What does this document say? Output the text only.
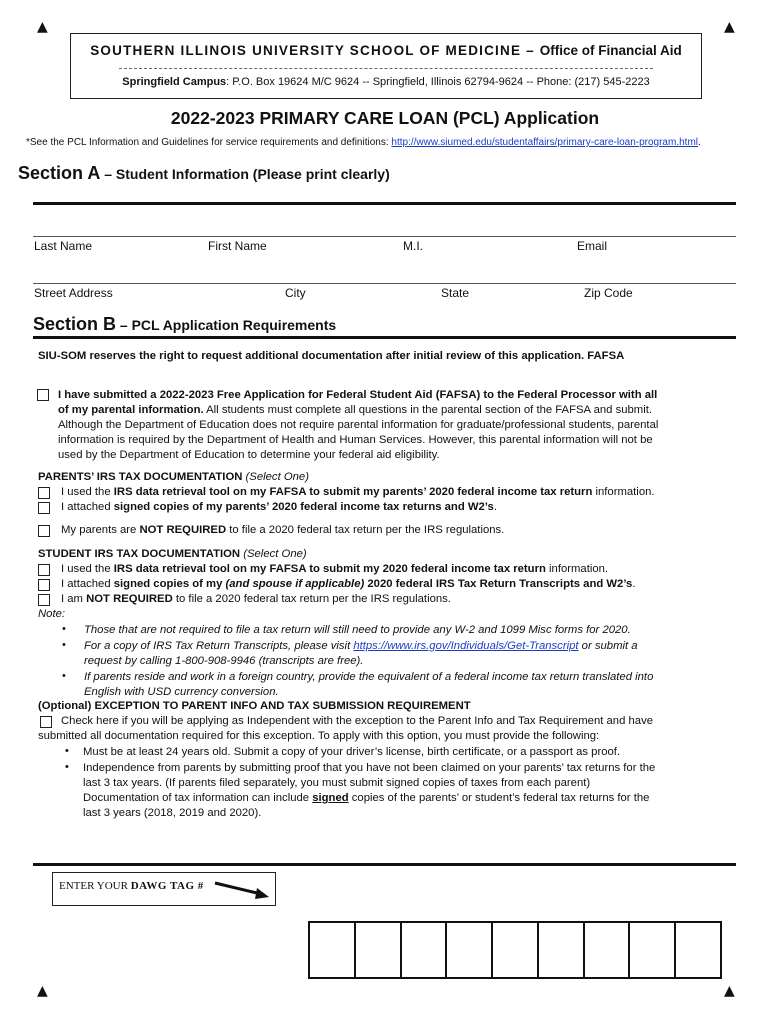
▲	▲
▲	▲
SOUTHERN ILLINOIS UNIVERSITY SCHOOL OF MEDICINE – Office of Financial Aid
Springfield Campus: P.O. Box 19624 M/C 9624 -- Springfield, Illinois 62794-9624 -- Phone: (217) 545-2223
2022-2023 PRIMARY CARE LOAN (PCL) Application
*See the PCL Information and Guidelines for service requirements and definitions: http://www.siumed.edu/studentaffairs/primary-care-loan-program.html.
Section A – Student Information (Please print clearly)
Last Name	First Name	M.I.	Email
Street Address	City	State	Zip Code
Section B – PCL Application Requirements
SIU-SOM reserves the right to request additional documentation after initial review of this application. FAFSA
I have submitted a 2022-2023 Free Application for Federal Student Aid (FAFSA) to the Federal Processor with all
of my parental information. All students must complete all questions in the parental section of the FAFSA and submit.
Although the Department of Education does not require parental information for graduate/professional students, parental
information is required by the Department of Health and Human Services. However, this parental information will not be
used by the Department of Education to determine your federal aid eligibility.
PARENTS’ IRS TAX DOCUMENTATION (Select One)
I used the IRS data retrieval tool on my FAFSA to submit my parents’ 2020 federal income tax return information.
I attached signed copies of my parents’ 2020 federal income tax returns and W2’s.
My parents are NOT REQUIRED to file a 2020 federal tax return per the IRS regulations.
STUDENT IRS TAX DOCUMENTATION (Select One)
I used the IRS data retrieval tool on my FAFSA to submit my 2020 federal income tax return information.
I attached signed copies of my (and spouse if applicable) 2020 federal IRS Tax Return Transcripts and W2’s.
I am NOT REQUIRED to file a 2020 federal tax return per the IRS regulations.
Note:
• Those that are not required to file a tax return will still need to provide any W-2 and 1099 Misc forms for 2020.
• For a copy of IRS Tax Return Transcripts, please visit https://www.irs.gov/Individuals/Get-Transcript or submit a
request by calling 1-800-908-9946 (transcripts are free).
• If parents reside and work in a foreign country, provide the equivalent of a federal income tax return translated into
English with USD currency conversion.
(Optional) EXCEPTION TO PARENT INFO AND TAX SUBMISSION REQUIREMENT
Check here if you will be applying as Independent with the exception to the Parent Info and Tax Requirement and have
submitted all documentation required for this exception. To apply with this option, you must provide the following:
• Must be at least 24 years old. Submit a copy of your driver’s license, birth certificate, or a passport as proof.
• Independence from parents by submitting proof that you have not been claimed on your parents’ tax returns for the
last 3 tax years. (If parents filed separately, you must submit signed copies of taxes from each parent)
Documentation of tax information can include signed copies of the parents’ or student’s federal tax returns for the
last 3 years (2018, 2019 and 2020).
ENTER YOUR DAWG TAG #
